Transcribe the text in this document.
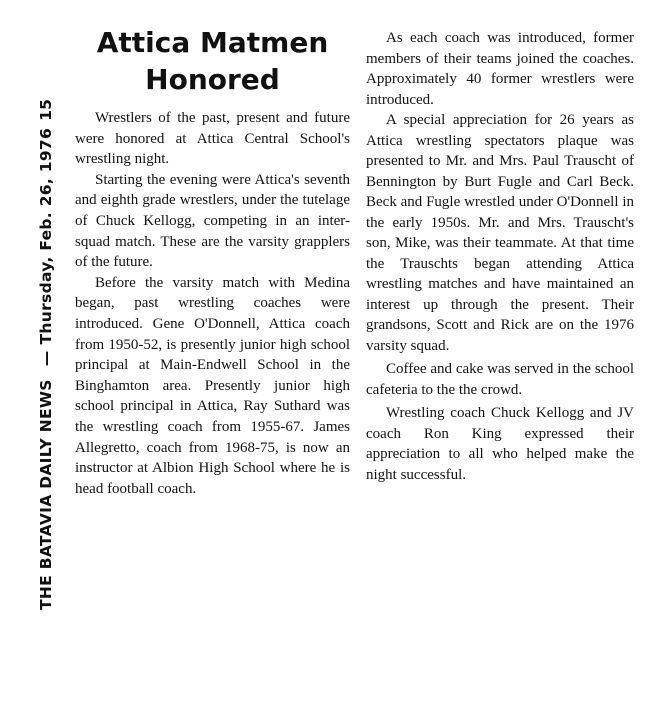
THE BATAVIA DAILY NEWS—Thursday, Feb. 26, 197615
Attica Matmen
Honored

Wrestlers of the past, present and future were honored at Attica Central School's wrestling night.

Starting the evening were Attica's seventh and eighth grade wrestlers, under the tutelage of Chuck Kellogg, competing in an inter-squad match. These are the varsity grapplers of the future.

Before the varsity match with Medina began, past wrestling coaches were introduced. Gene O'Donnell, Attica coach from 1950-52, is presently junior high school principal at Main-Endwell School in the Binghamton area. Presently junior high school principal in Attica, Ray Suthard was the wrestling coach from 1955-67. James Allegretto, coach from 1968-75, is now an instructor at Albion High School where he is head football coach.

As each coach was introduced, former members of their teams joined the coaches. Approximately 40 former wrestlers were introduced.

A special appreciation for 26 years as Attica wrestling spectators plaque was presented to Mr. and Mrs. Paul Trauscht of Bennington by Burt Fugle and Carl Beck. Beck and Fugle wrestled under O'Donnell in the early 1950s. Mr. and Mrs. Trauscht's son, Mike, was their teammate. At that time the Trauschts began attending Attica wrestling matches and have maintained an interest up through the present. Their grandsons, Scott and Rick are on the 1976 varsity squad.

Coffee and cake was served in the school cafeteria to the the crowd.

Wrestling coach Chuck Kellogg and JV coach Ron King expressed their appreciation to all who helped make the night successful.
